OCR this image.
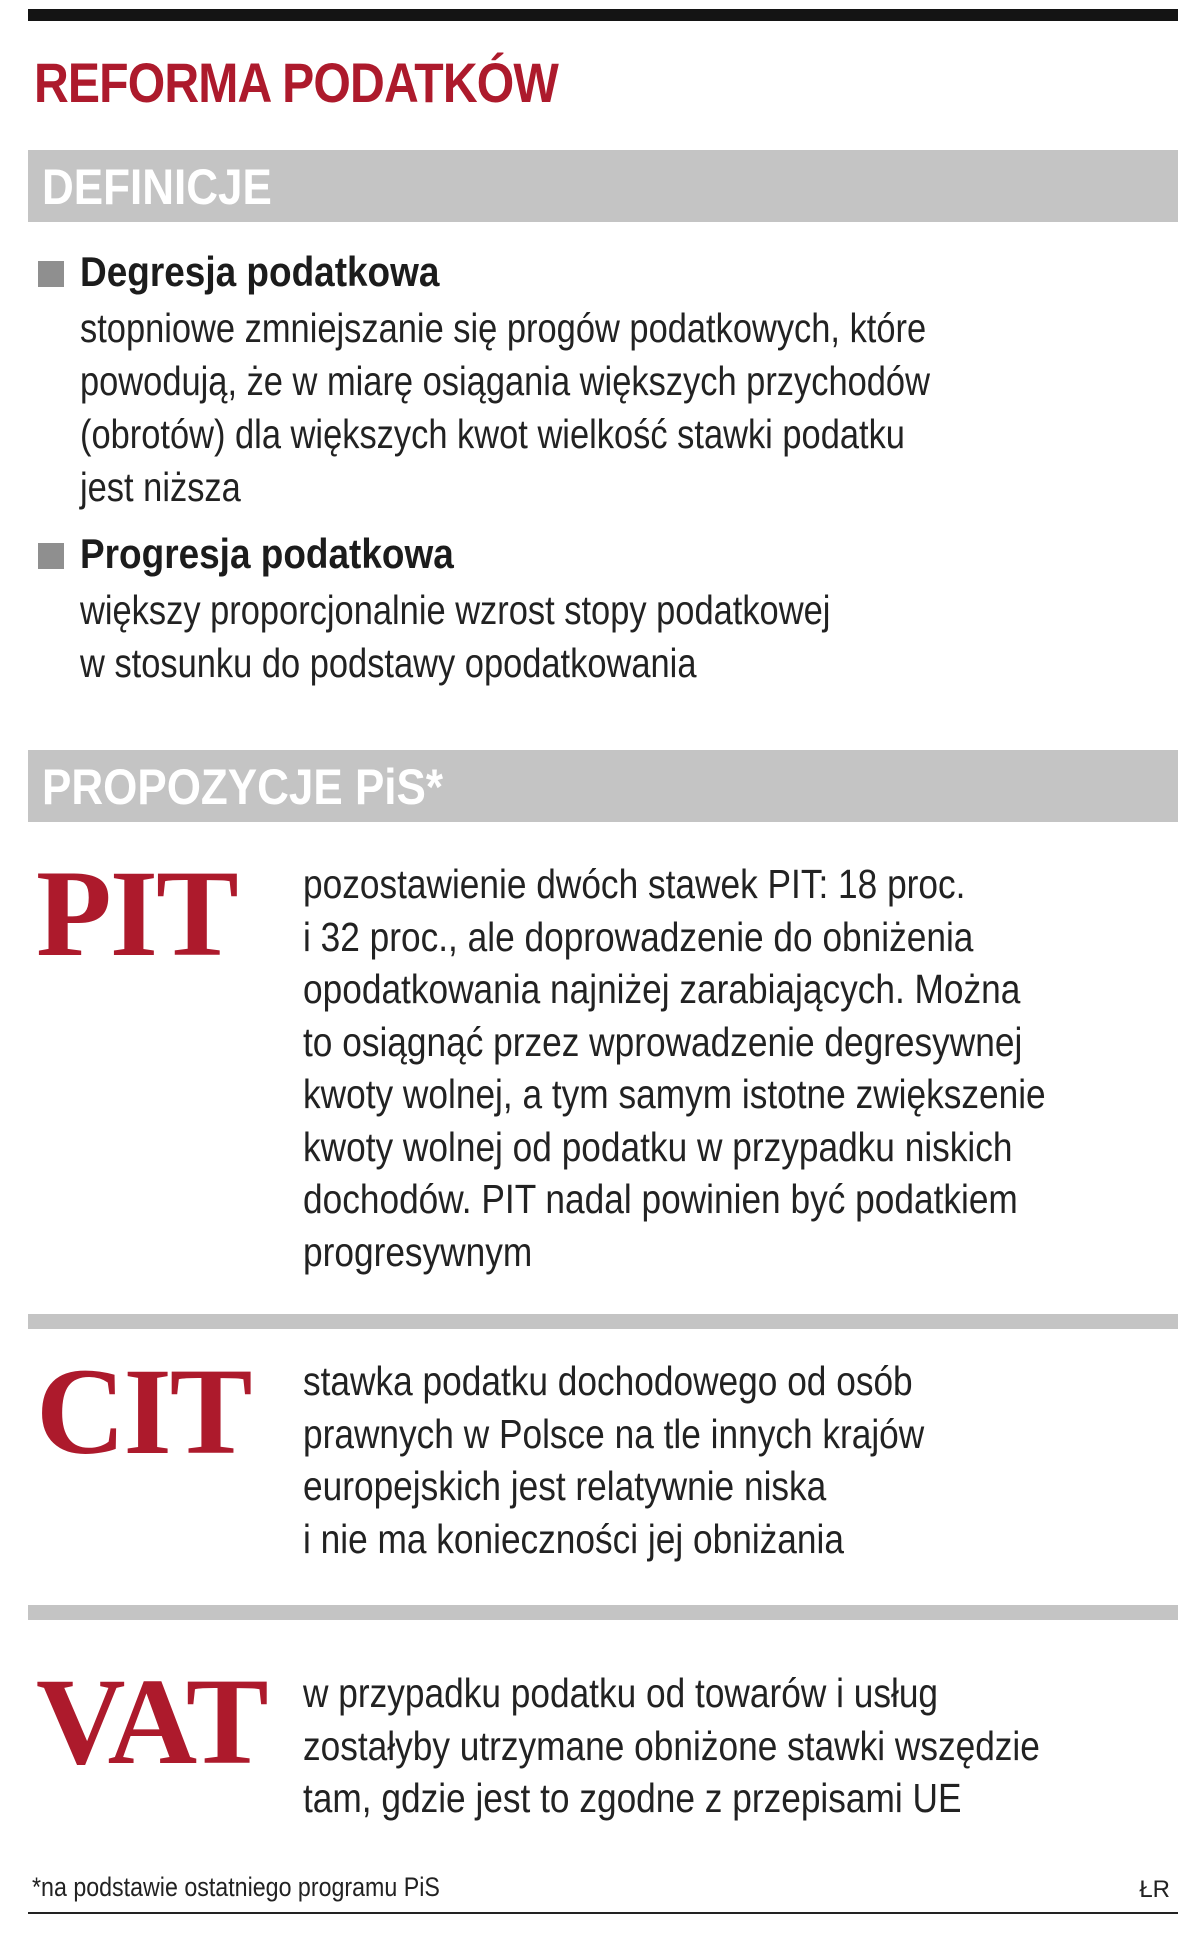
REFORMA PODATKÓW
DEFINICJE
Degresja podatkowa
stopniowe zmniejszanie się progów podatkowych, które
powodują, że w miarę osiągania większych przychodów
(obrotów) dla większych kwot wielkość stawki podatku
jest niższa
Progresja podatkowa
większy proporcjonalnie wzrost stopy podatkowej
w stosunku do podstawy opodatkowania
PROPOZYCJE PiS*
PIT pozostawienie dwóch stawek PIT: 18 proc.
i 32 proc., ale doprowadzenie do obniżenia
opodatkowania najniżej zarabiających. Można
to osiągnąć przez wprowadzenie degresywnej
kwoty wolnej, a tym samym istotne zwiększenie
kwoty wolnej od podatku w przypadku niskich
dochodów. PIT nadal powinien być podatkiem
progresywnym
CIT stawka podatku dochodowego od osób
prawnych w Polsce na tle innych krajów
europejskich jest relatywnie niska
i nie ma konieczności jej obniżania
VAT w przypadku podatku od towarów i usług
zostałyby utrzymane obniżone stawki wszędzie
tam, gdzie jest to zgodne z przepisami UE
*na podstawie ostatniego programu PiS	ŁR
